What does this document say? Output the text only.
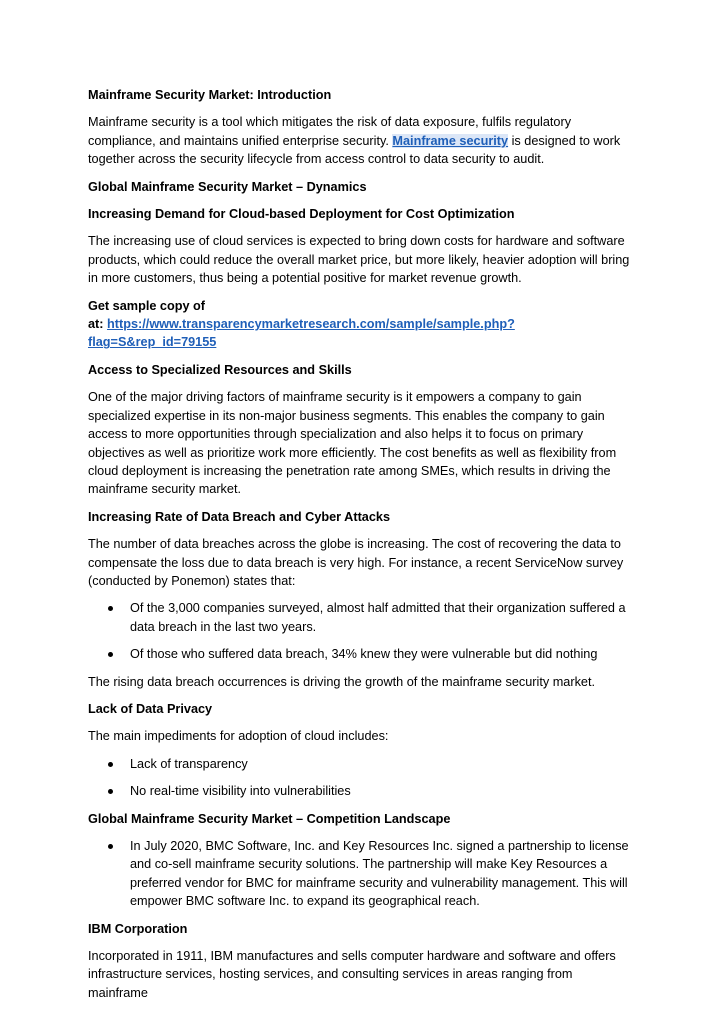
Mainframe Security Market: Introduction
Mainframe security is a tool which mitigates the risk of data exposure, fulfils regulatory compliance, and maintains unified enterprise security. Mainframe security is designed to work together across the security lifecycle from access control to data security to audit.
Global Mainframe Security Market – Dynamics
Increasing Demand for Cloud-based Deployment for Cost Optimization
The increasing use of cloud services is expected to bring down costs for hardware and software products, which could reduce the overall market price, but more likely, heavier adoption will bring in more customers, thus being a potential positive for market revenue growth.
Get sample copy of
at: https://www.transparencymarketresearch.com/sample/sample.php?flag=S&rep_id=79155
Access to Specialized Resources and Skills
One of the major driving factors of mainframe security is it empowers a company to gain specialized expertise in its non-major business segments. This enables the company to gain access to more opportunities through specialization and also helps it to focus on primary objectives as well as prioritize work more efficiently. The cost benefits as well as flexibility from cloud deployment is increasing the penetration rate among SMEs, which results in driving the mainframe security market.
Increasing Rate of Data Breach and Cyber Attacks
The number of data breaches across the globe is increasing. The cost of recovering the data to compensate the loss due to data breach is very high. For instance, a recent ServiceNow survey (conducted by Ponemon) states that:
Of the 3,000 companies surveyed, almost half admitted that their organization suffered a data breach in the last two years.
Of those who suffered data breach, 34% knew they were vulnerable but did nothing
The rising data breach occurrences is driving the growth of the mainframe security market.
Lack of Data Privacy
The main impediments for adoption of cloud includes:
Lack of transparency
No real-time visibility into vulnerabilities
Global Mainframe Security Market – Competition Landscape
In July 2020, BMC Software, Inc. and Key Resources Inc. signed a partnership to license and co-sell mainframe security solutions. The partnership will make Key Resources a preferred vendor for BMC for mainframe security and vulnerability management. This will empower BMC software Inc. to expand its geographical reach.
IBM Corporation
Incorporated in 1911, IBM manufactures and sells computer hardware and software and offers infrastructure services, hosting services, and consulting services in areas ranging from mainframe
